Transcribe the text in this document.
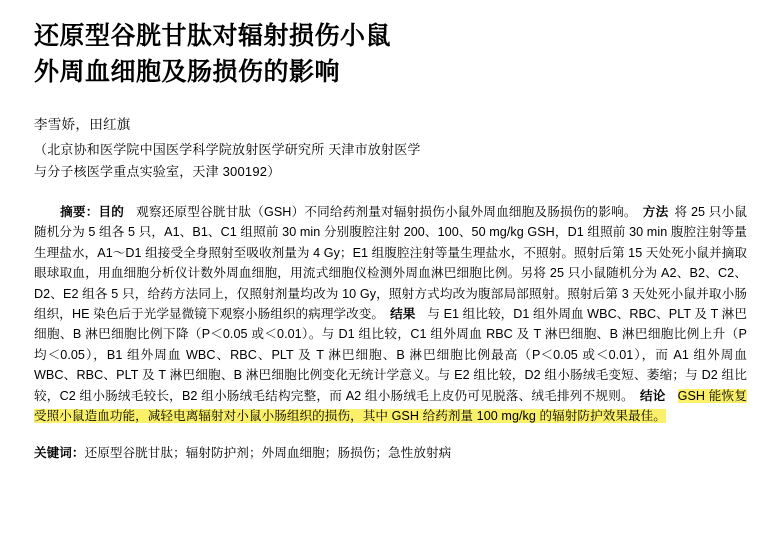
还原型谷胱甘肽对辐射损伤小鼠
外周血细胞及肠损伤的影响
李雪娇，田红旗
（北京协和医学院中国医学科学院放射医学研究所 天津市放射医学
与分子核医学重点实验室，天津 300192）

摘要：目的 观察还原型谷胱甘肽（GSH）不同给药剂量对辐射损伤小鼠外周血细胞及肠损伤的影响。 方法 将 25 只小鼠随机分为 5 组各 5 只，A1、B1、C1 组照前 30 min 分别腹腔注射 200、100、50 mg/kg GSH，D1 组照前 30 min 腹腔注射等量生理盐水，A1～D1 组接受全身照射至吸收剂量为 4 Gy；E1 组腹腔注射等量生理盐水，不照射。照射后第 15 天处死小鼠并摘取眼球取血，用血细胞分析仪计数外周血细胞，用流式细胞仪检测外周血淋巴细胞比例。另将 25 只小鼠随机分为 A2、B2、C2、D2、E2 组各 5 只，给药方法同上，仅照射剂量均改为 10 Gy，照射方式均改为腹部局部照射。照射后第 3 天处死小鼠并取小肠组织，HE 染色后于光学显微镜下观察小肠组织的病理学改变。 结果 与 E1 组比较，D1 组外周血 WBC、RBC、PLT 及 T 淋巴细胞、B 淋巴细胞比例下降（P＜0.05 或＜0.01）。与 D1 组比较，C1 组外周血 RBC 及 T 淋巴细胞、B 淋巴细胞比例上升（P 均＜0.05），B1 组外周血 WBC、RBC、PLT 及 T 淋巴细胞、B 淋巴细胞比例最高（P＜0.05 或＜0.01），而 A1 组外周血 WBC、RBC、PLT 及 T 淋巴细胞、B 淋巴细胞比例变化无统计学意义。与 E2 组比较，D2 组小肠绒毛变短、萎缩；与 D2 组比较，C2 组小肠绒毛较长，B2 组小肠绒毛结构完整，而 A2 组小肠绒毛上皮仍可见脱落、绒毛排列不规则。 结论 GSH 能恢复受照小鼠造血功能，减轻电离辐射对小鼠小肠组织的损伤，其中 GSH 给药剂量 100 mg/kg 的辐射防护效果最佳。

关键词：还原型谷胱甘肽；辐射防护剂；外周血细胞；肠损伤；急性放射病
